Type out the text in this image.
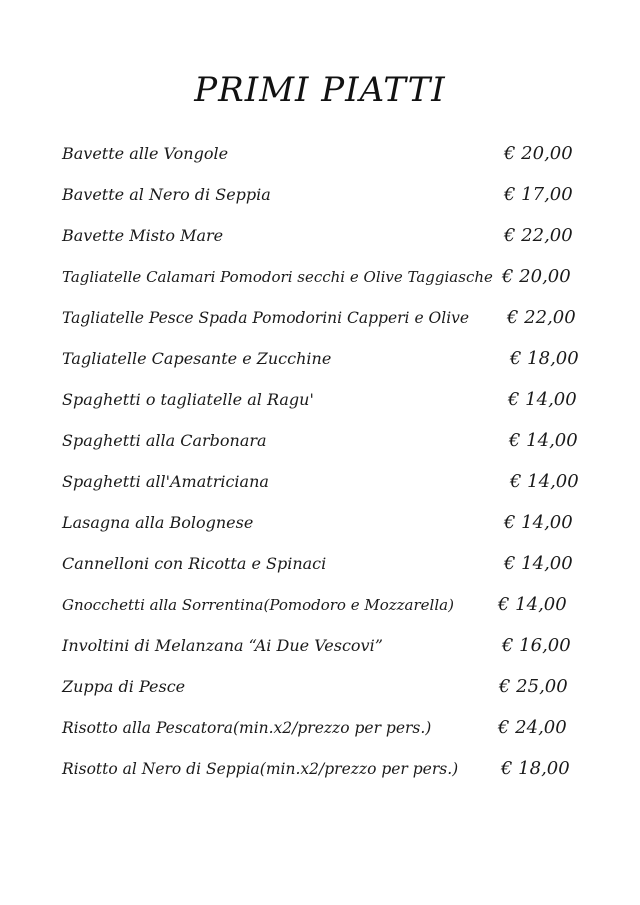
PRIMI PIATTI
Bavette alle Vongole	€ 20,00
Bavette al Nero di Seppia	€ 17,00
Bavette Misto Mare	€ 22,00
Tagliatelle Calamari Pomodori secchi e Olive Taggiasche € 20,00
Tagliatelle Pesce Spada Pomodorini Capperi e Olive € 22,00
Tagliatelle Capesante e Zucchine	€ 18,00
Spaghetti o tagliatelle al Ragu'	€ 14,00
Spaghetti alla Carbonara	€ 14,00
Spaghetti all'Amatriciana	€ 14,00
Lasagna alla Bolognese	€ 14,00
Cannelloni con Ricotta e Spinaci	€ 14,00
Gnocchetti alla Sorrentina(Pomodoro e Mozzarella) € 14,00
Involtini di Melanzana “Ai Due Vescovi”	€ 16,00
Zuppa di Pesce	€ 25,00
Risotto alla Pescatora(min.x2/prezzo per pers.)	€ 24,00
Risotto al Nero di Seppia(min.x2/prezzo per pers.) € 18,00
